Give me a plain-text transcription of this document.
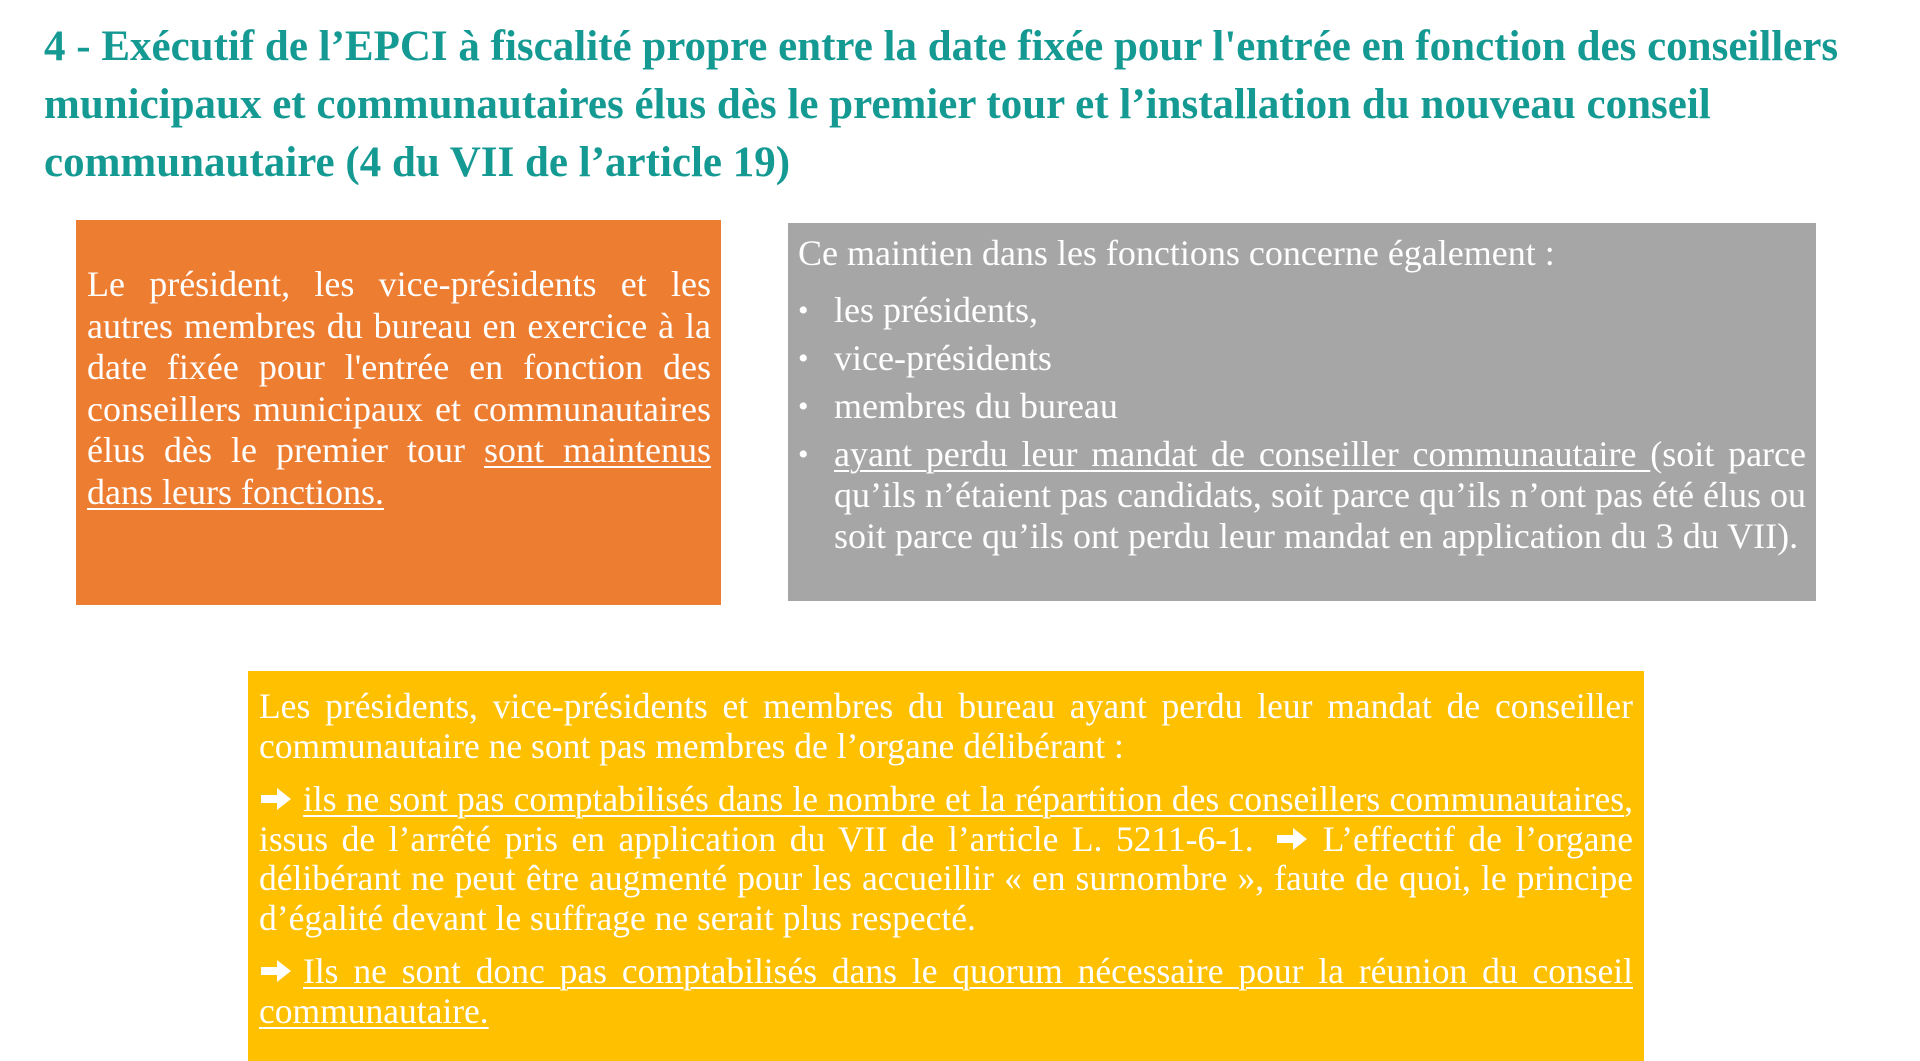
4 - Exécutif de l’EPCI à fiscalité propre entre la date fixée pour l'entrée en fonction des conseillers municipaux et communautaires élus dès le premier tour et l’installation du nouveau conseil communautaire (4 du VII de l’article 19)
Le président, les vice-présidents et les autres membres du bureau en exercice à la date fixée pour l'entrée en fonction des conseillers municipaux et communautaires élus dès le premier tour sont maintenus dans leurs fonctions.

Ce maintien dans les fonctions concerne également :

• les présidents,
• vice-présidents
• membres du bureau
• ayant perdu leur mandat de conseiller communautaire (soit parce qu’ils n’étaient pas candidats, soit parce qu’ils n’ont pas été élus ou soit parce qu’ils ont perdu leur mandat en application du 3 du VII).

Les présidents, vice-présidents et membres du bureau ayant perdu leur mandat de conseiller communautaire ne sont pas membres de l’organe délibérant :

ils ne sont pas comptabilisés dans le nombre et la répartition des conseillers communautaires, issus de l’arrêté pris en application du VII de l’article L. 5211-6-1. L’effectif de l’organe délibérant ne peut être augmenté pour les accueillir « en surnombre », faute de quoi, le principe d’égalité devant le suffrage ne serait plus respecté.

Ils ne sont donc pas comptabilisés dans le quorum nécessaire pour la réunion du conseil communautaire.
